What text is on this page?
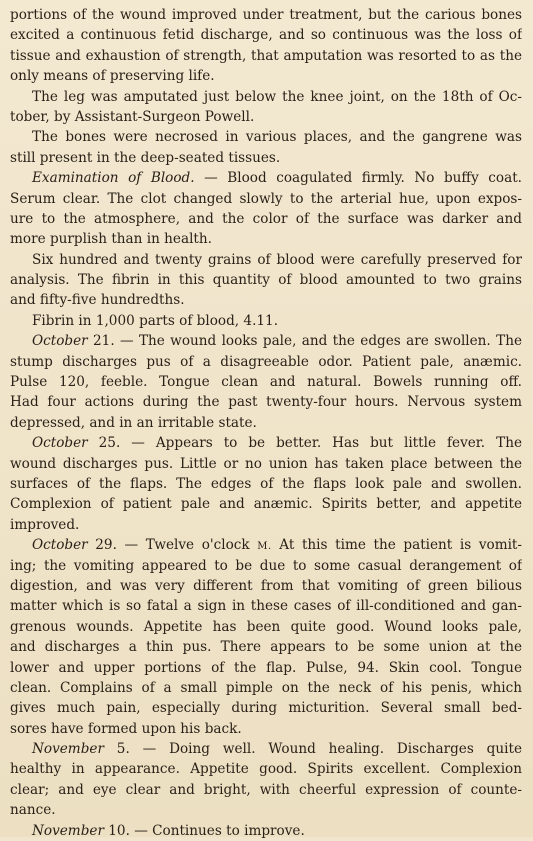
portions of the wound improved under treatment, but the carious bones
excited a continuous fetid discharge, and so continuous was the loss of
tissue and exhaustion of strength, that amputation was resorted to as the
only means of preserving life.
The leg was amputated just below the knee joint, on the 18th of Oc-
tober, by Assistant-Surgeon Powell.
The bones were necrosed in various places, and the gangrene was
still present in the deep-seated tissues.
Examination of Blood. — Blood coagulated firmly. No buffy coat.
Serum clear. The clot changed slowly to the arterial hue, upon expos-
ure to the atmosphere, and the color of the surface was darker and
more purplish than in health.
Six hundred and twenty grains of blood were carefully preserved for
analysis. The fibrin in this quantity of blood amounted to two grains
and fifty-five hundredths.
Fibrin in 1,000 parts of blood, 4.11.
October 21. — The wound looks pale, and the edges are swollen. The
stump discharges pus of a disagreeable odor. Patient pale, anæmic.
Pulse 120, feeble. Tongue clean and natural. Bowels running off.
Had four actions during the past twenty-four hours. Nervous system
depressed, and in an irritable state.
October 25. — Appears to be better. Has but little fever. The
wound discharges pus. Little or no union has taken place between the
surfaces of the flaps. The edges of the flaps look pale and swollen.
Complexion of patient pale and anæmic. Spirits better, and appetite
improved.
October 29. — Twelve o'clock M. At this time the patient is vomit-
ing; the vomiting appeared to be due to some casual derangement of
digestion, and was very different from that vomiting of green bilious
matter which is so fatal a sign in these cases of ill-conditioned and gan-
grenous wounds. Appetite has been quite good. Wound looks pale,
and discharges a thin pus. There appears to be some union at the
lower and upper portions of the flap. Pulse, 94. Skin cool. Tongue
clean. Complains of a small pimple on the neck of his penis, which
gives much pain, especially during micturition. Several small bed-
sores have formed upon his back.
November 5. — Doing well. Wound healing. Discharges quite
healthy in appearance. Appetite good. Spirits excellent. Complexion
clear; and eye clear and bright, with cheerful expression of counte-
nance.
November 10. — Continues to improve.
